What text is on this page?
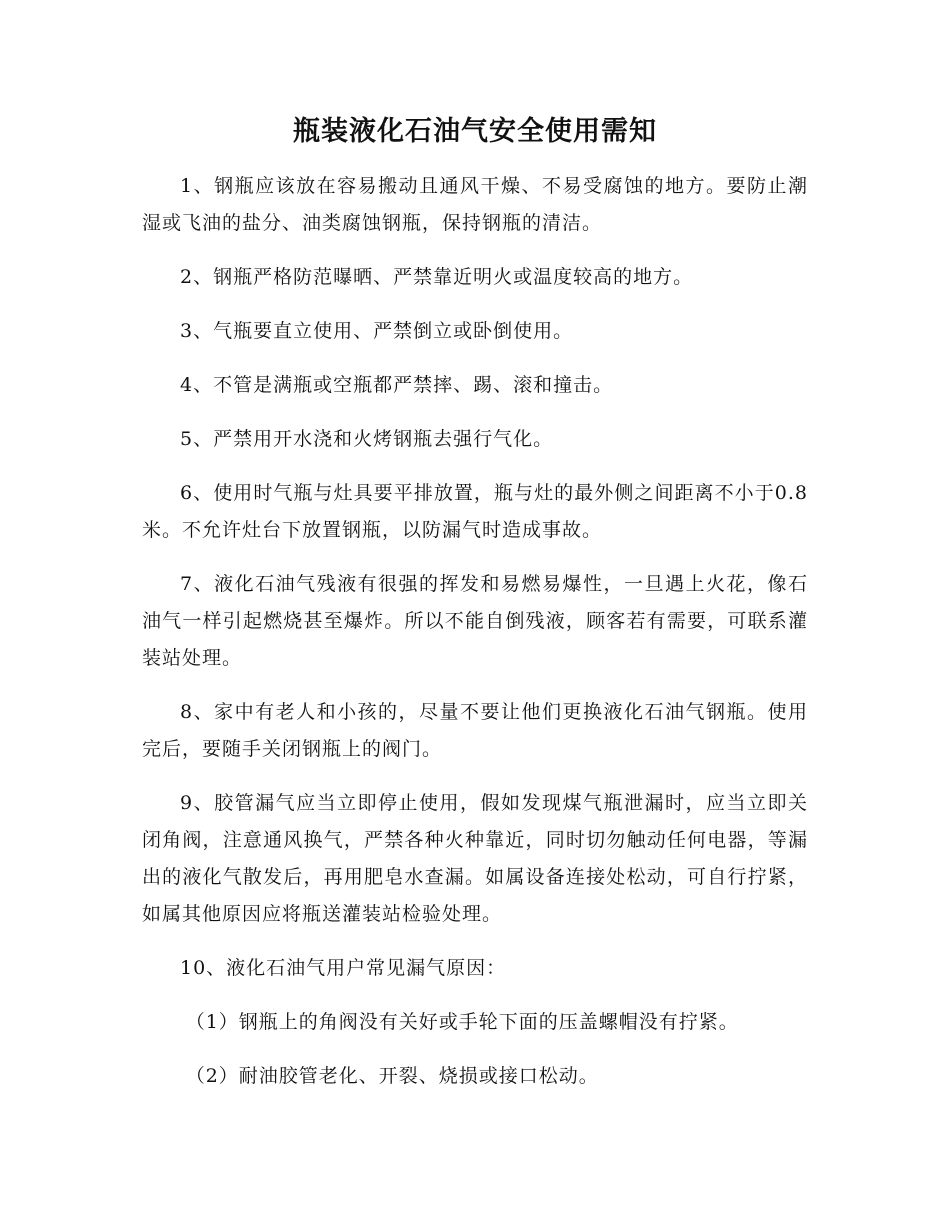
瓶装液化石油气安全使用需知

1、钢瓶应该放在容易搬动且通风干燥、不易受腐蚀的地方。要防止潮湿或飞油的盐分、油类腐蚀钢瓶，保持钢瓶的清洁。

2、钢瓶严格防范曝晒、严禁靠近明火或温度较高的地方。

3、气瓶要直立使用、严禁倒立或卧倒使用。

4、不管是满瓶或空瓶都严禁摔、踢、滚和撞击。

5、严禁用开水浇和火烤钢瓶去强行气化。

6、使用时气瓶与灶具要平排放置，瓶与灶的最外侧之间距离不小于0.8米。不允许灶台下放置钢瓶，以防漏气时造成事故。

7、液化石油气残液有很强的挥发和易燃易爆性，一旦遇上火花，像石油气一样引起燃烧甚至爆炸。所以不能自倒残液，顾客若有需要，可联系灌装站处理。

8、家中有老人和小孩的，尽量不要让他们更换液化石油气钢瓶。使用完后，要随手关闭钢瓶上的阀门。

9、胶管漏气应当立即停止使用，假如发现煤气瓶泄漏时，应当立即关闭角阀，注意通风换气，严禁各种火种靠近，同时切勿触动任何电器，等漏出的液化气散发后，再用肥皂水查漏。如属设备连接处松动，可自行拧紧，如属其他原因应将瓶送灌装站检验处理。

10、液化石油气用户常见漏气原因：

（1）钢瓶上的角阀没有关好或手轮下面的压盖螺帽没有拧紧。

（2）耐油胶管老化、开裂、烧损或接口松动。
